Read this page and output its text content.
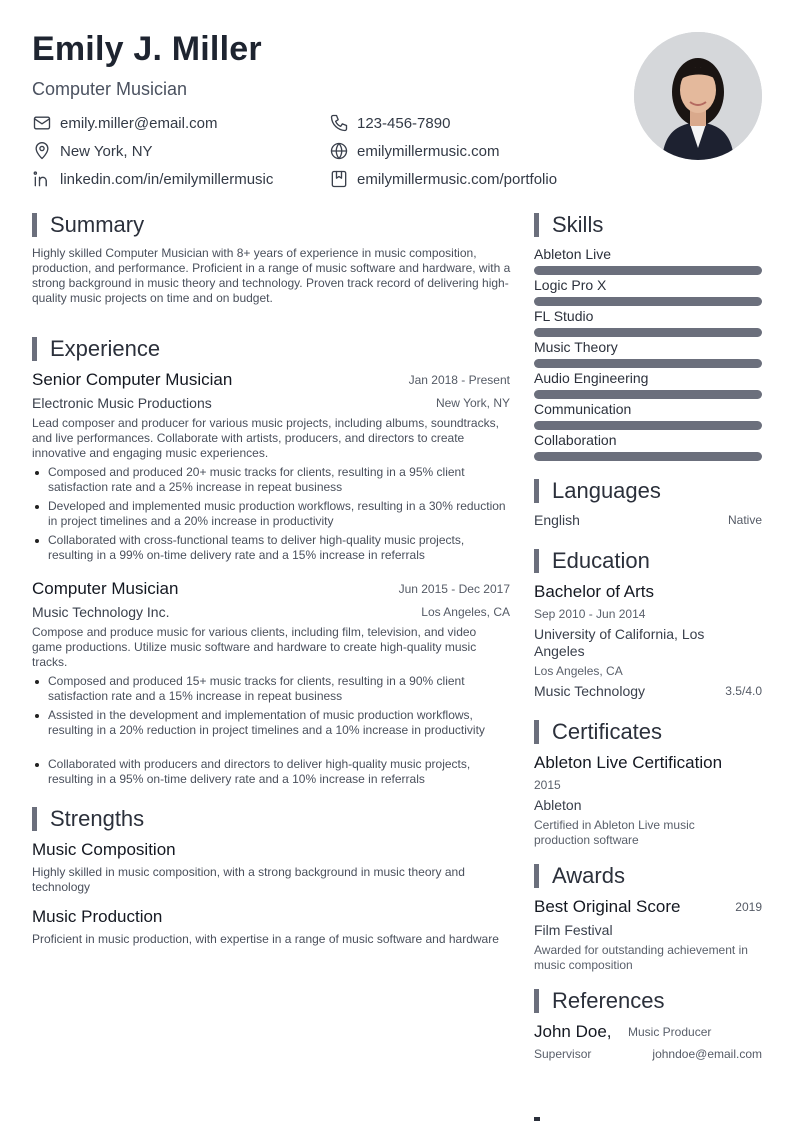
Emily J. Miller
Computer Musician
emily.miller@email.com	123-456-7890
New York, NY	emilymillermusic.com
linkedin.com/in/emilymillermusic	emilymillermusic.com/portfolio
Summary
Highly skilled Computer Musician with 8+ years of experience in music composition, production, and performance. Proficient in a range of music software and hardware, with a strong background in music theory and technology. Proven track record of delivering high-quality music projects on time and on budget.
Experience
Senior Computer Musician	Jan 2018 - Present
Electronic Music Productions	New York, NY
Lead composer and producer for various music projects, including albums, soundtracks, and live performances. Collaborate with artists, producers, and directors to create innovative and engaging music experiences.
Composed and produced 20+ music tracks for clients, resulting in a 95% client satisfaction rate and a 25% increase in repeat business
Developed and implemented music production workflows, resulting in a 30% reduction in project timelines and a 20% increase in productivity
Collaborated with cross-functional teams to deliver high-quality music projects, resulting in a 99% on-time delivery rate and a 15% increase in referrals
Computer Musician	Jun 2015 - Dec 2017
Music Technology Inc.	Los Angeles, CA
Compose and produce music for various clients, including film, television, and video game productions. Utilize music software and hardware to create high-quality music tracks.
Composed and produced 15+ music tracks for clients, resulting in a 90% client satisfaction rate and a 15% increase in repeat business
Assisted in the development and implementation of music production workflows, resulting in a 20% reduction in project timelines and a 10% increase in productivity
Collaborated with producers and directors to deliver high-quality music projects, resulting in a 95% on-time delivery rate and a 10% increase in referrals
Strengths
Music Composition
Highly skilled in music composition, with a strong background in music theory and technology
Music Production
Proficient in music production, with expertise in a range of music software and hardware
Skills
Ableton Live
Logic Pro X
FL Studio
Music Theory
Audio Engineering
Communication
Collaboration
Languages
English	Native
Education
Bachelor of Arts
Sep 2010 - Jun 2014
University of California, Los Angeles
Los Angeles, CA
Music Technology	3.5/4.0
Certificates
Ableton Live Certification
2015
Ableton
Certified in Ableton Live music production software
Awards
Best Original Score	2019
Film Festival
Awarded for outstanding achievement in music composition
References
John Doe, Music Producer
Supervisor	johndoe@email.com
